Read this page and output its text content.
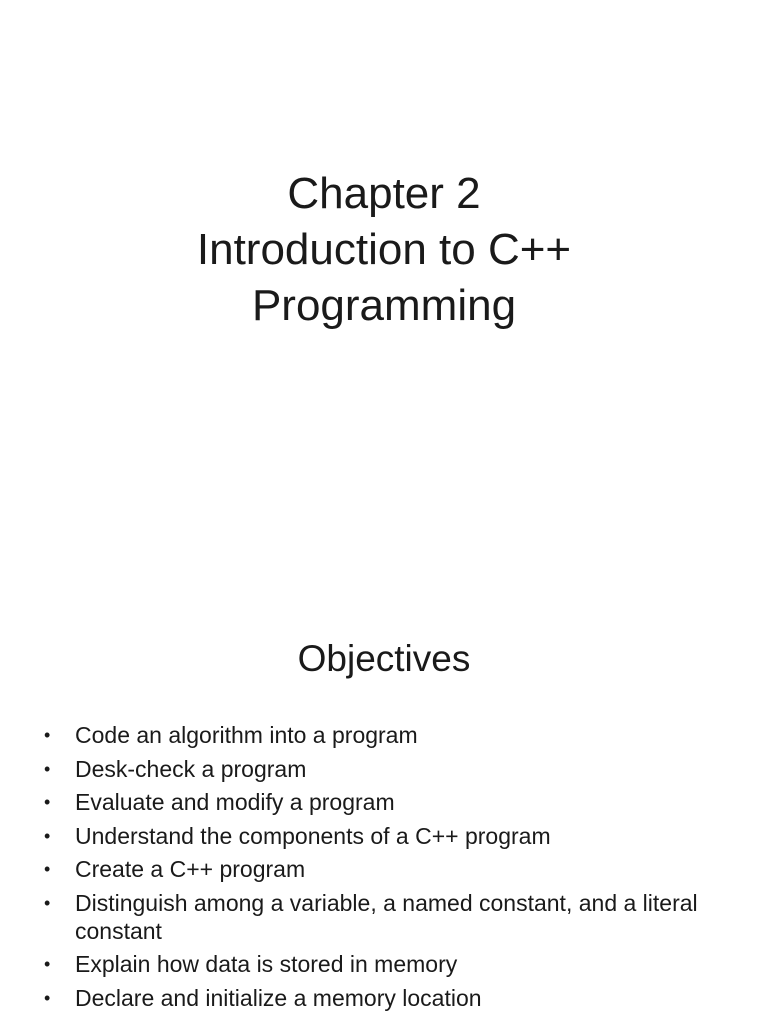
Chapter 2
Introduction to C++
Programming
Objectives
• Code an algorithm into a program
• Desk-check a program
• Evaluate and modify a program
• Understand the components of a C++ program
• Create a C++ program
• Distinguish among a variable, a named constant, and a literal constant
• Explain how data is stored in memory
• Declare and initialize a memory location
